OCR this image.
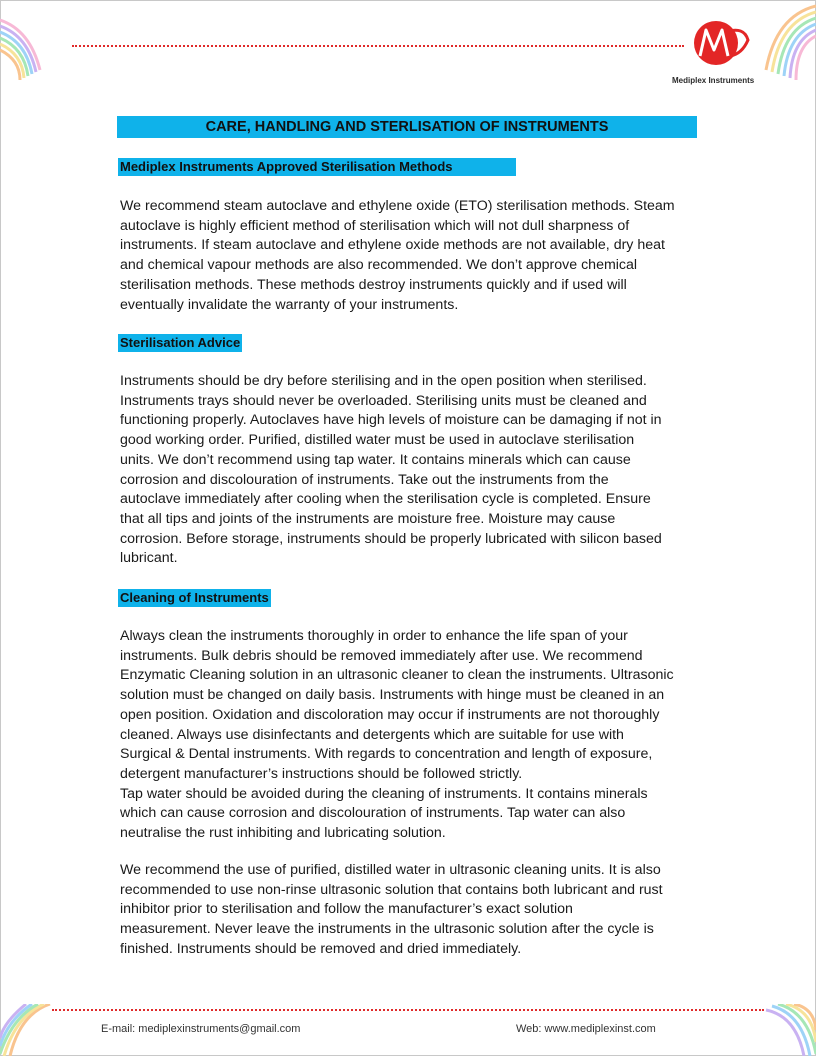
Mediplex Instruments
CARE, HANDLING AND STERLISATION OF INSTRUMENTS
Mediplex Instruments Approved Sterilisation Methods
We recommend steam autoclave and ethylene oxide (ETO) sterilisation methods. Steam
autoclave is highly efficient method of sterilisation which will not dull sharpness of
instruments. If steam autoclave and ethylene oxide methods are not available, dry heat
and chemical vapour methods are also recommended. We don’t approve chemical
sterilisation methods. These methods destroy instruments quickly and if used will
eventually invalidate the warranty of your instruments.
Sterilisation Advice
Instruments should be dry before sterilising and in the open position when sterilised.
Instruments trays should never be overloaded. Sterilising units must be cleaned and
functioning properly. Autoclaves have high levels of moisture can be damaging if not in
good working order. Purified, distilled water must be used in autoclave sterilisation
units. We don’t recommend using tap water. It contains minerals which can cause
corrosion and discolouration of instruments. Take out the instruments from the
autoclave immediately after cooling when the sterilisation cycle is completed. Ensure
that all tips and joints of the instruments are moisture free. Moisture may cause
corrosion. Before storage, instruments should be properly lubricated with silicon based
lubricant.
Cleaning of Instruments
Always clean the instruments thoroughly in order to enhance the life span of your
instruments. Bulk debris should be removed immediately after use. We recommend
Enzymatic Cleaning solution in an ultrasonic cleaner to clean the instruments. Ultrasonic
solution must be changed on daily basis. Instruments with hinge must be cleaned in an
open position. Oxidation and discoloration may occur if instruments are not thoroughly
cleaned. Always use disinfectants and detergents which are suitable for use with
Surgical & Dental instruments. With regards to concentration and length of exposure,
detergent manufacturer’s instructions should be followed strictly.
Tap water should be avoided during the cleaning of instruments. It contains minerals
which can cause corrosion and discolouration of instruments. Tap water can also
neutralise the rust inhibiting and lubricating solution.
We recommend the use of purified, distilled water in ultrasonic cleaning units. It is also
recommended to use non-rinse ultrasonic solution that contains both lubricant and rust
inhibitor prior to sterilisation and follow the manufacturer’s exact solution
measurement. Never leave the instruments in the ultrasonic solution after the cycle is
finished. Instruments should be removed and dried immediately.
E-mail: mediplexinstruments@gmail.com	Web: www.mediplexinst.com
